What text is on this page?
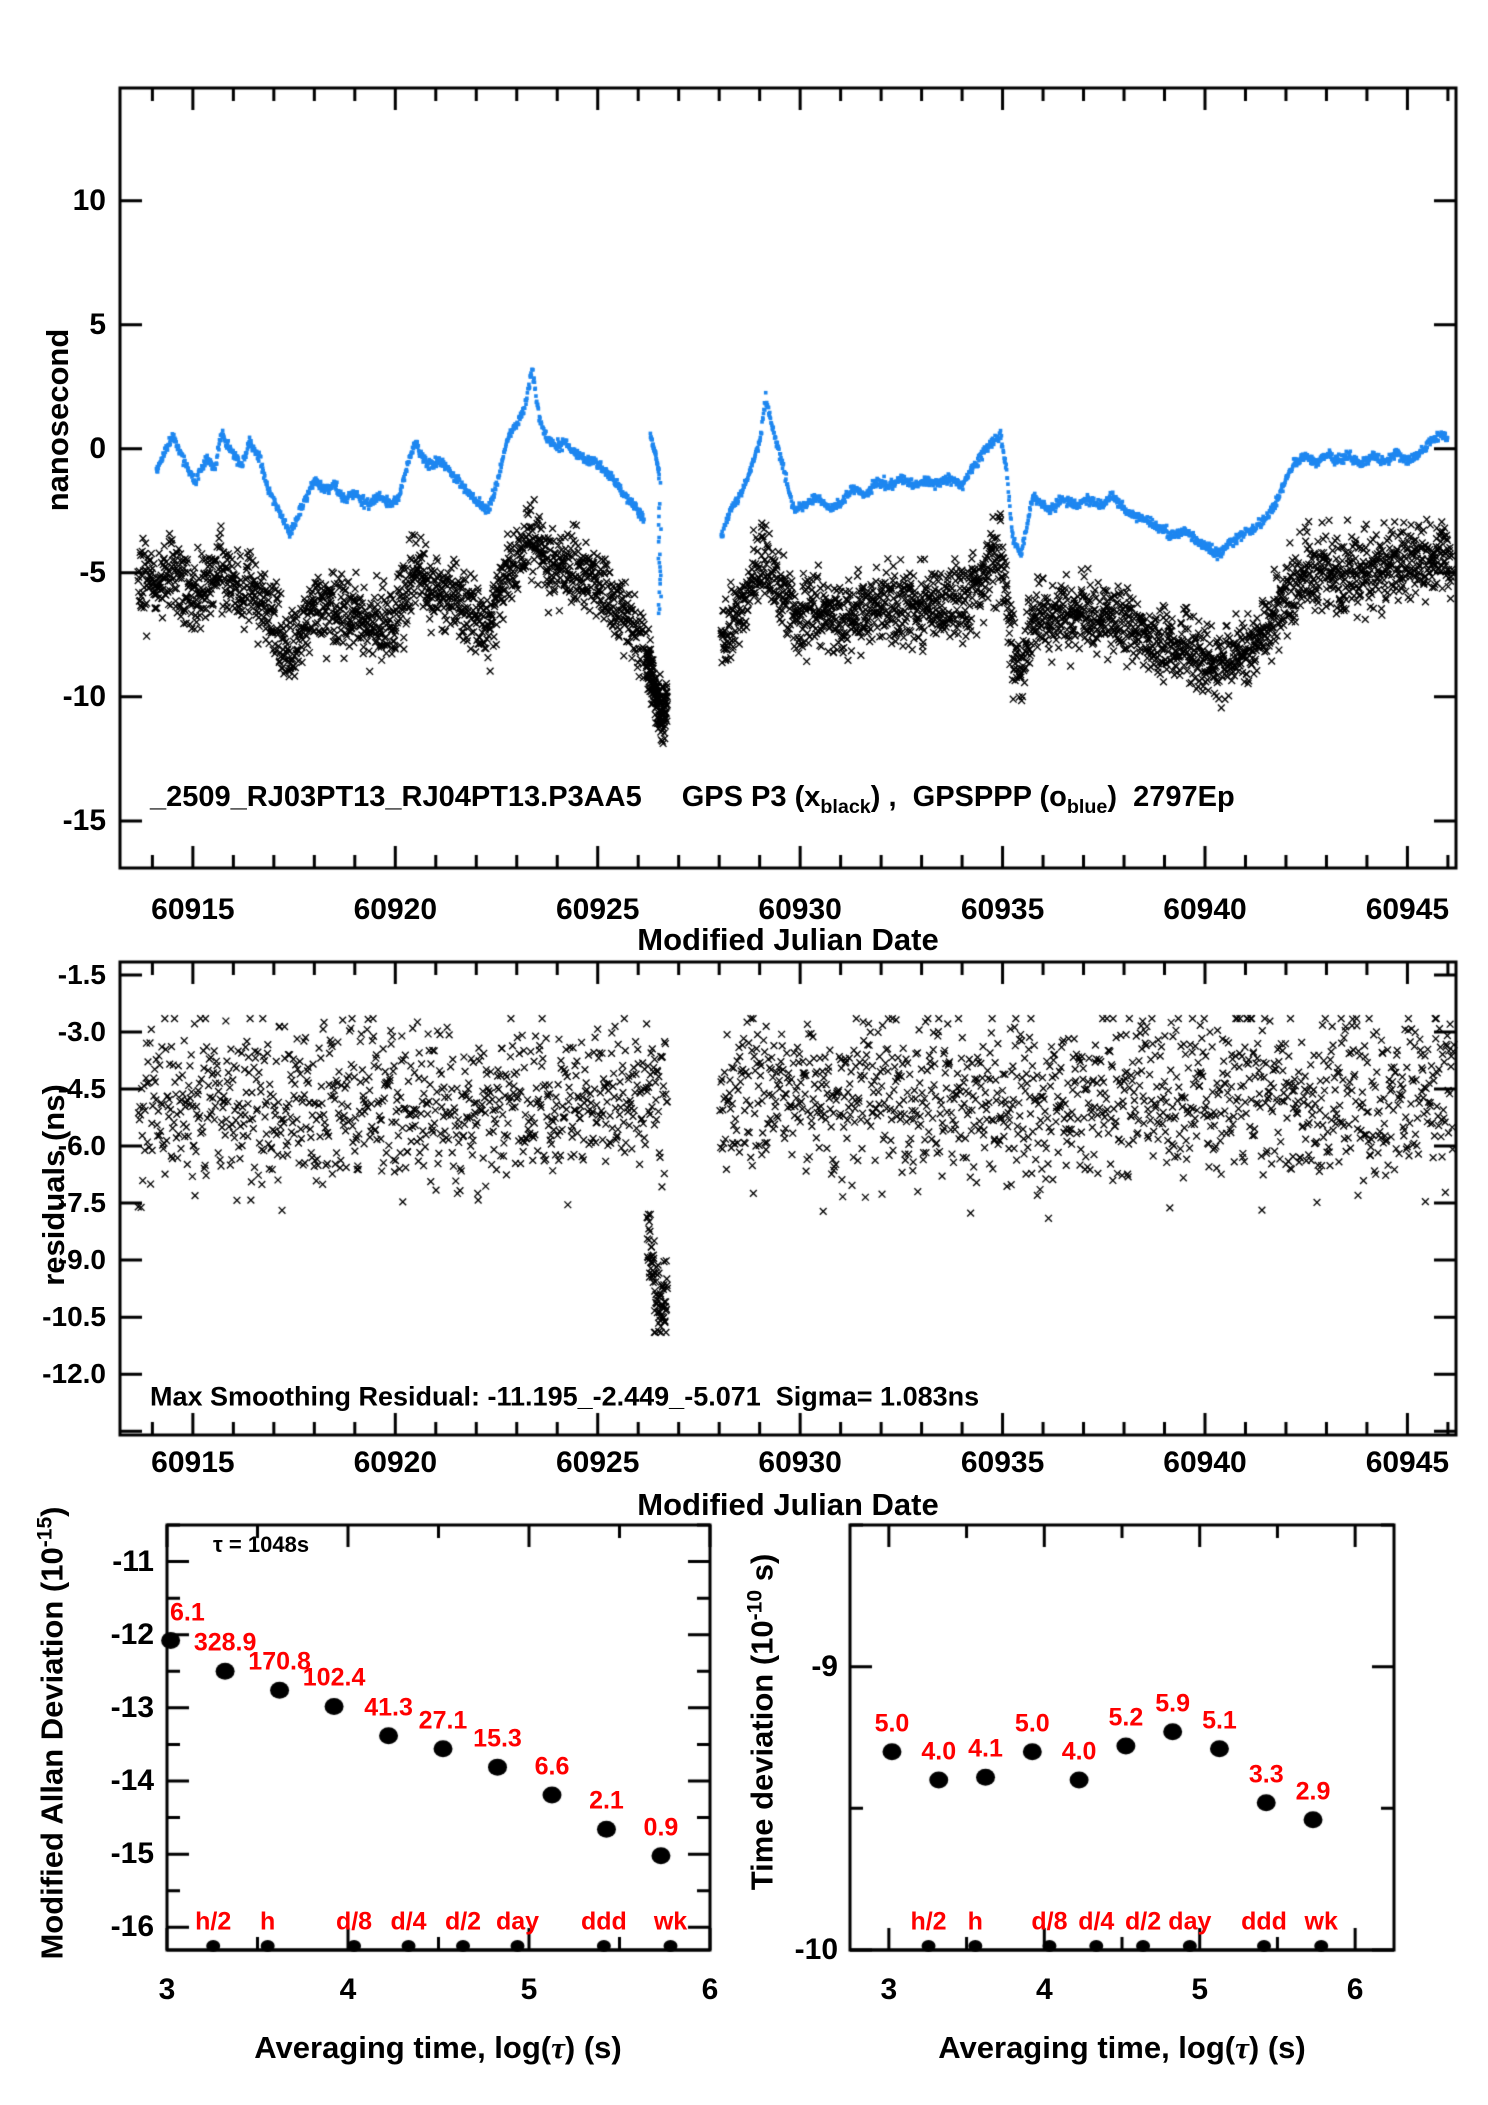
nanosecond
Modified Julian Date
_2509_RJ03PT13_RJ04PT13.P3AA5 GPS P3 $(x_{black})$ ,  GPSPPP $(o_{blue})$  2797Ep
residuals (ns)
Modified Julian Date
Max Smoothing Residual: -11.195_-2.449_-5.071  Sigma= 1.083ns
Modified Allan Deviation $(10^{-15})$
Averaging time, log(τ) (s)
τ = 1048s
Time deviation ($10^{-10}$ s)
Averaging time, log(τ) (s)
60915	60920	60925	60930	60935	60940	60945
10
5
0
-5
-10
-15
60915	60920	60925	60930	60935	60940	60945
-1.5
-3.0
-4.5
-6.0
-7.5
-9.0
-10.5
-12.0
3	4	5	6
-11
-12
-13
-14
-15
-16
6.1
328.9
170.8
102.4
41.3 27.1
15.3
6.6
2.1
0.9
h/2 h d/8 d/4 d/2 day ddd wk
3	4	5	6
-9
-10
5.0
4.0 4.1
5.0
4.0
5.2
5.9
5.1
3.3
2.9
h/2 h d/8 d/4 d/2 day ddd wk
